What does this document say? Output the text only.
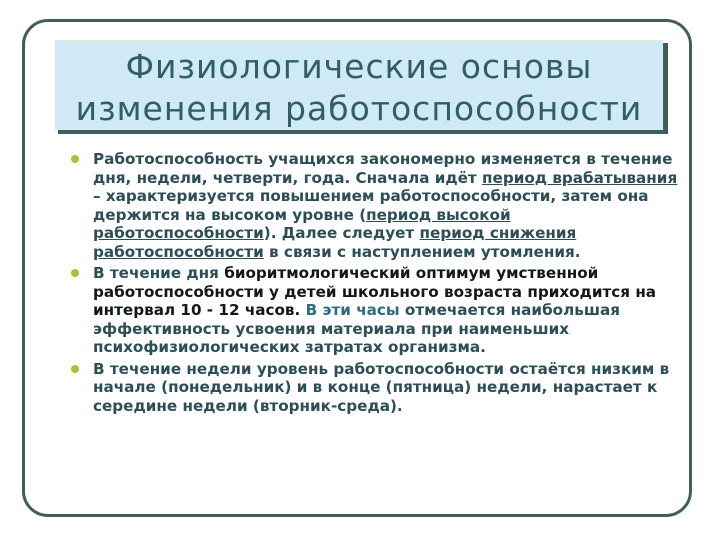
Физиологические основы
изменения работоспособности
Работоспособность учащихся закономерно изменяется в течение дня, недели, четверти, года. Сначала идёт период врабатывания – характеризуется повышением работоспособности, затем она держится на высоком уровне (период высокой работоспособности). Далее следует период снижения работоспособности в связи с наступлением утомления.
В течение дня биоритмологический оптимум умственной работоспособности у детей школьного возраста приходится на интервал 10 - 12 часов. В эти часы отмечается наибольшая эффективность усвоения материала при наименьших психофизиологических затратах организма.
В течение недели уровень работоспособности остаётся низким в начале (понедельник) и в конце (пятница) недели, нарастает к середине недели (вторник-среда).
